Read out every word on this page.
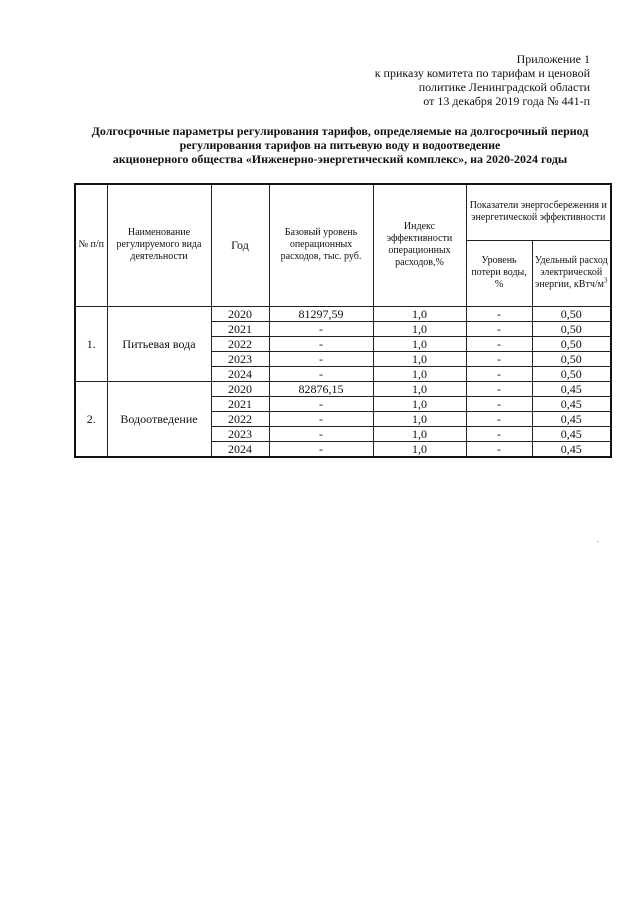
Приложение 1
к приказу комитета по тарифам и ценовой
политике Ленинградской области
от 13 декабря 2019 года № 441-п
Долгосрочные параметры регулирования тарифов, определяемые на долгосрочный период
регулирования тарифов на питьевую воду и водоотведение
акционерного общества «Инженерно-энергетический комплекс», на 2020-2024 годы
№ п/п	Наименование регулируемого вида деятельности	Год	Базовый уровень операционных расходов, тыс. руб.	Индекс эффективности операционных расходов,%	Показатели энергосбережения и энергетической эффективности	
					Уровень потери воды, %	Удельный расход электрической энергии, кВтч/$м^3$
1.	Питьевая вода	2020	81297,59	1,0	-	0,50
		2021	-	1,0	-	0,50
		2022	-	1,0	-	0,50
		2023	-	1,0	-	0,50
		2024	-	1,0	-	0,50
2.	Водоотведение	2020	82876,15	1,0	-	0,45
		2021	-	1,0	-	0,45
		2022	-	1,0	-	0,45
		2023	-	1,0	-	0,45
		2024	-	1,0	-	0,45
